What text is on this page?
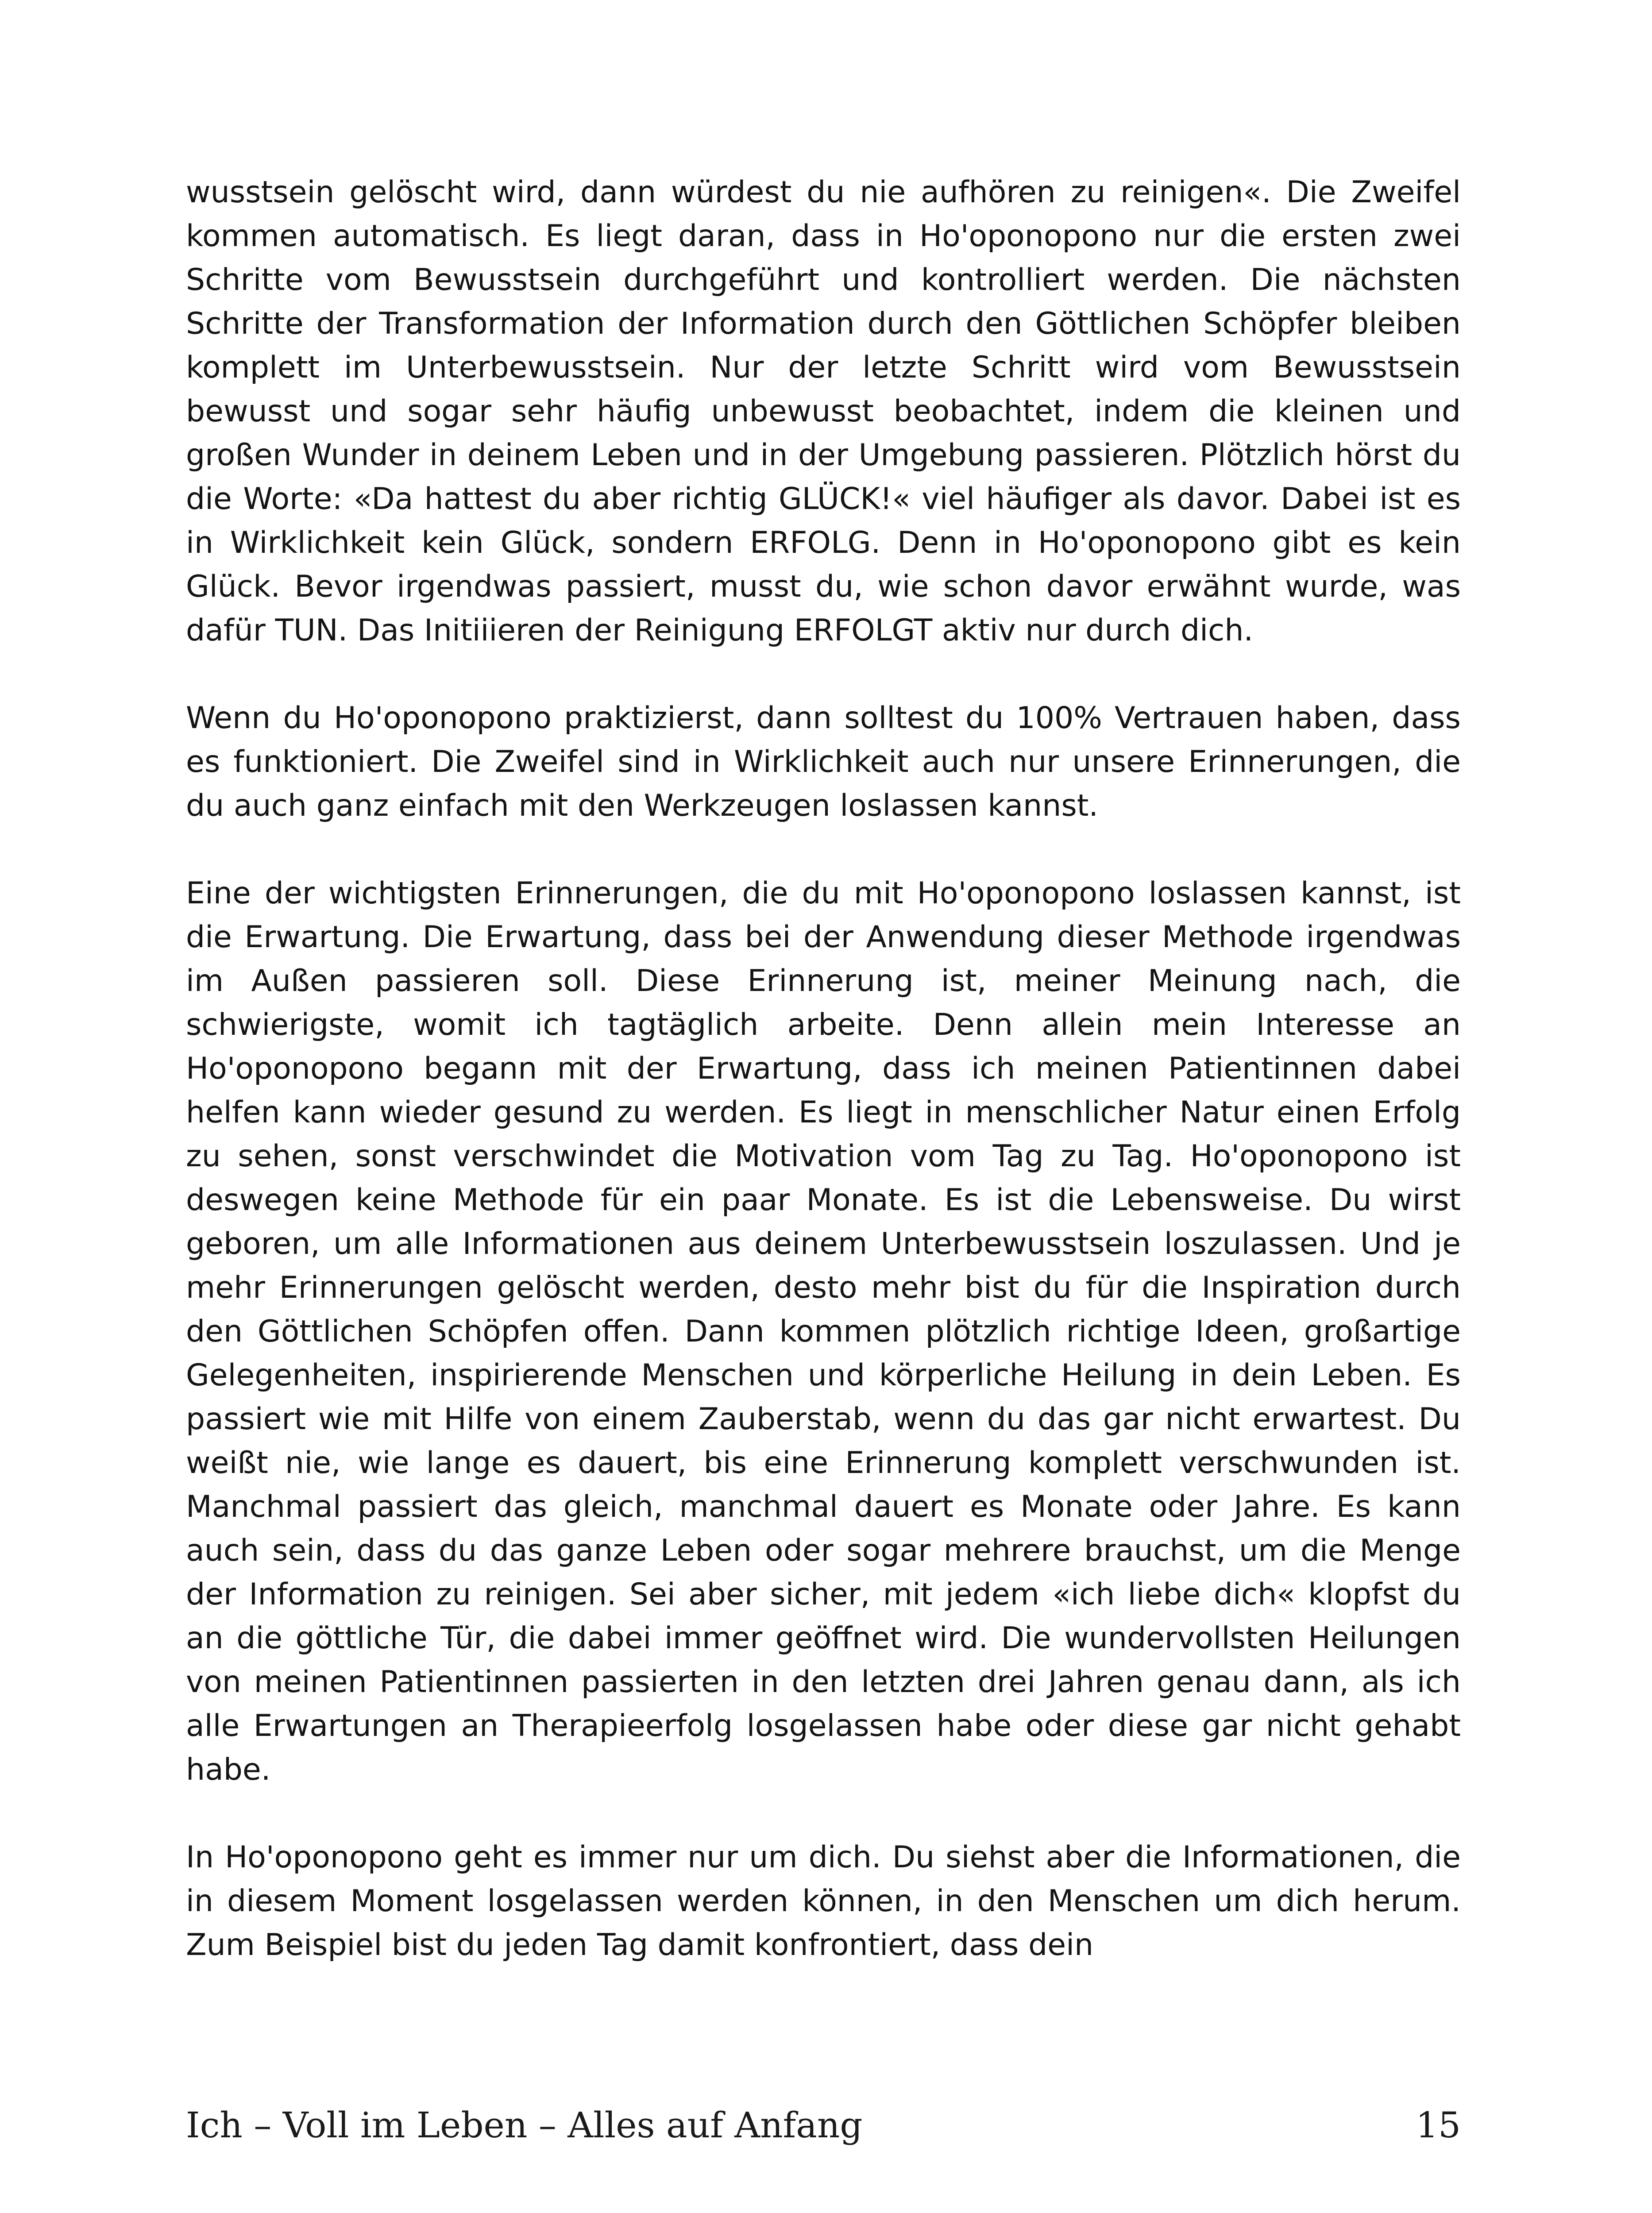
wusstsein gelöscht wird, dann würdest du nie aufhören zu reinigen«. Die Zweifel kommen automatisch. Es liegt daran, dass in Ho'oponopono nur die ersten zwei Schritte vom Bewusstsein durchgeführt und kontrolliert werden. Die nächsten Schritte der Transformation der Information durch den Göttlichen Schöpfer bleiben komplett im Unterbewusstsein. Nur der letzte Schritt wird vom Bewusstsein bewusst und sogar sehr häufig unbewusst beobachtet, indem die kleinen und großen Wunder in deinem Leben und in der Umgebung passieren. Plötzlich hörst du die Worte: «Da hattest du aber richtig GLÜCK!« viel häufiger als davor. Dabei ist es in Wirklichkeit kein Glück, sondern ERFOLG. Denn in Ho'oponopono gibt es kein Glück. Bevor irgendwas passiert, musst du, wie schon davor erwähnt wurde, was dafür TUN. Das Initiiieren der Reinigung ERFOLGT aktiv nur durch dich.

Wenn du Ho'oponopono praktizierst, dann solltest du 100% Vertrauen haben, dass es funktioniert. Die Zweifel sind in Wirklichkeit auch nur unsere Erinnerungen, die du auch ganz einfach mit den Werkzeugen loslassen kannst.

Eine der wichtigsten Erinnerungen, die du mit Ho'oponopono loslassen kannst, ist die Erwartung. Die Erwartung, dass bei der Anwendung dieser Methode irgendwas im Außen passieren soll. Diese Erinnerung ist, meiner Meinung nach, die schwierigste, womit ich tagtäglich arbeite. Denn allein mein Interesse an Ho'oponopono begann mit der Erwartung, dass ich meinen Patientinnen dabei helfen kann wieder gesund zu werden. Es liegt in menschlicher Natur einen Erfolg zu sehen, sonst verschwindet die Motivation vom Tag zu Tag. Ho'oponopono ist deswegen keine Methode für ein paar Monate. Es ist die Lebensweise. Du wirst geboren, um alle Informationen aus deinem Unterbewusstsein loszulassen. Und je mehr Erinnerungen gelöscht werden, desto mehr bist du für die Inspiration durch den Göttlichen Schöpfen offen. Dann kommen plötzlich richtige Ideen, großartige Gelegenheiten, inspirierende Menschen und körperliche Heilung in dein Leben. Es passiert wie mit Hilfe von einem Zauberstab, wenn du das gar nicht erwartest. Du weißt nie, wie lange es dauert, bis eine Erinnerung komplett verschwunden ist. Manchmal passiert das gleich, manchmal dauert es Monate oder Jahre. Es kann auch sein, dass du das ganze Leben oder sogar mehrere brauchst, um die Menge der Information zu reinigen. Sei aber sicher, mit jedem «ich liebe dich« klopfst du an die göttliche Tür, die dabei immer geöffnet wird. Die wundervollsten Heilungen von meinen Patientinnen passierten in den letzten drei Jahren genau dann, als ich alle Erwartungen an Therapieerfolg losgelassen habe oder diese gar nicht gehabt habe.

In Ho'oponopono geht es immer nur um dich. Du siehst aber die Informationen, die in diesem Moment losgelassen werden können, in den Menschen um dich herum. Zum Beispiel bist du jeden Tag damit konfrontiert, dass dein

Ich – Voll im Leben – Alles auf Anfang	15
